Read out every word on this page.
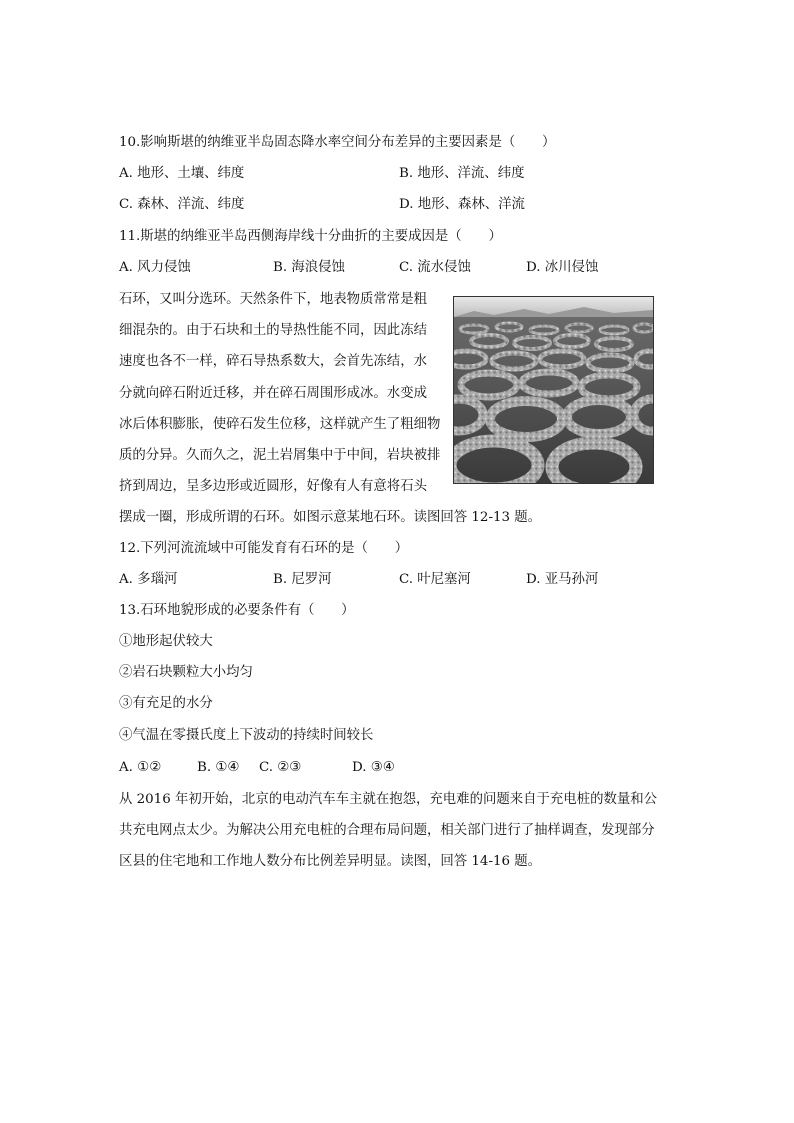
10.影响斯堪的纳维亚半岛固态降水率空间分布差异的主要因素是（　　）
A. 地形、土壤、纬度	B. 地形、洋流、纬度
C. 森林、洋流、纬度	D. 地形、森林、洋流
11.斯堪的纳维亚半岛西侧海岸线十分曲折的主要成因是（　　）
A. 风力侵蚀	B. 海浪侵蚀	C. 流水侵蚀	D. 冰川侵蚀
石环，又叫分选环。天然条件下，地表物质常常是粗
细混杂的。由于石块和土的导热性能不同，因此冻结
速度也各不一样，碎石导热系数大，会首先冻结，水
分就向碎石附近迁移，并在碎石周围形成冰。水变成
冰后体积膨胀，使碎石发生位移，这样就产生了粗细物
质的分异。久而久之，泥土岩屑集中于中间，岩块被排
挤到周边，呈多边形或近圆形，好像有人有意将石头
摆成一圈，形成所谓的石环。如图示意某地石环。读图回答 12-13 题。
12.下列河流流域中可能发育有石环的是（　　）
A. 多瑙河	B. 尼罗河	C. 叶尼塞河	D. 亚马孙河
13.石环地貌形成的必要条件有（　　）
①地形起伏较大
②岩石块颗粒大小均匀
③有充足的水分
④气温在零摄氏度上下波动的持续时间较长
A. ①②	B. ①④ C. ②③	D. ③④
从 2016 年初开始，北京的电动汽车车主就在抱怨，充电难的问题来自于充电桩的数量和公
共充电网点太少。为解决公用充电桩的合理布局问题，相关部门进行了抽样调查，发现部分
区县的住宅地和工作地人数分布比例差异明显。读图，回答 14-16 题。
